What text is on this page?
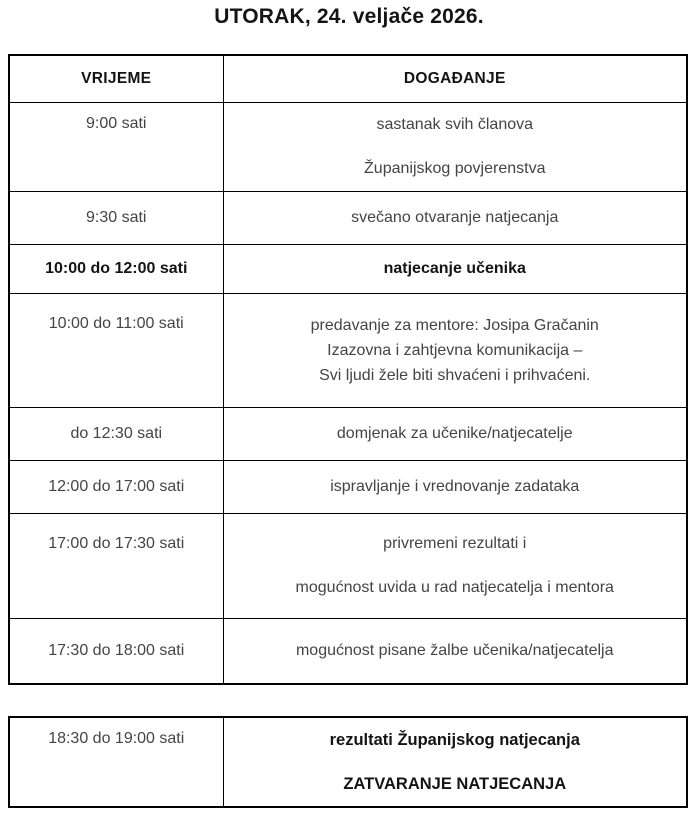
UTORAK, 24. veljače 2026.
VRIJEME	DOGAĐANJE
9:00 sati	sastanak svih članova
Županijskog povjerenstva

9:30 sati	svečano otvaranje natjecanja

10:00 do 12:00 sati	natjecanje učenika

10:00 do 11:00 sati	predavanje za mentore: Josipa Gračanin
Izazovna i zahtjevna komunikacija –
Svi ljudi žele biti shvaćeni i prihvaćeni.

do 12:30 sati	domjenak za učenike/natjecatelje

12:00 do 17:00 sati	ispravljanje i vrednovanje zadataka

17:00 do 17:30 sati	privremeni rezultati i
mogućnost uvida u rad natjecatelja i mentora

17:30 do 18:00 sati	mogućnost pisane žalbe učenika/natjecatelja
18:30 do 19:00 sati	rezultati Županijskog natjecanja
ZATVARANJE NATJECANJA
